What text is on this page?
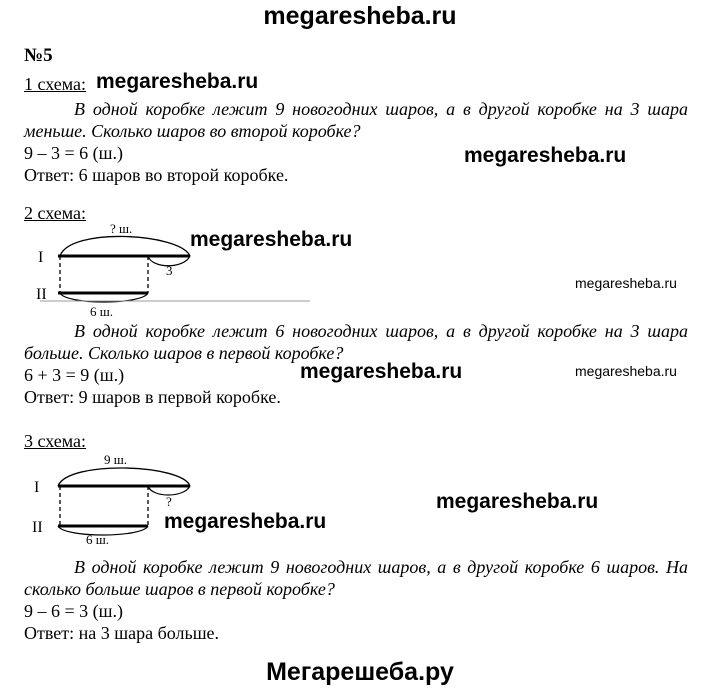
megaresheba.ru
Мегарешеба.ру
№5
1 схема: megaresheba.ru
В одной коробке лежит 9 новогодних шаров, а в другой коробке на 3 шара меньше. Сколько шаров во второй коробке?
9 – 3 = 6 (ш.)	megaresheba.ru
Ответ: 6 шаров во второй коробке.
2 схема:
? ш.
3
6 ш.
I
II
megaresheba.ru
megaresheba.ru
В одной коробке лежит 6 новогодних шаров, а в другой коробке на 3 шара больше. Сколько шаров в первой коробке?
6 + 3 = 9 (ш.)	megaresheba.ru	megaresheba.ru
Ответ: 9 шаров в первой коробке.
3 схема:
9 ш.
?
6 ш.
I
II
megaresheba.ru
megaresheba.ru
В одной коробке лежит 9 новогодних шаров, а в другой коробке 6 шаров. На сколько больше шаров в первой коробке?
9 – 6 = 3 (ш.)
Ответ: на 3 шара больше.
